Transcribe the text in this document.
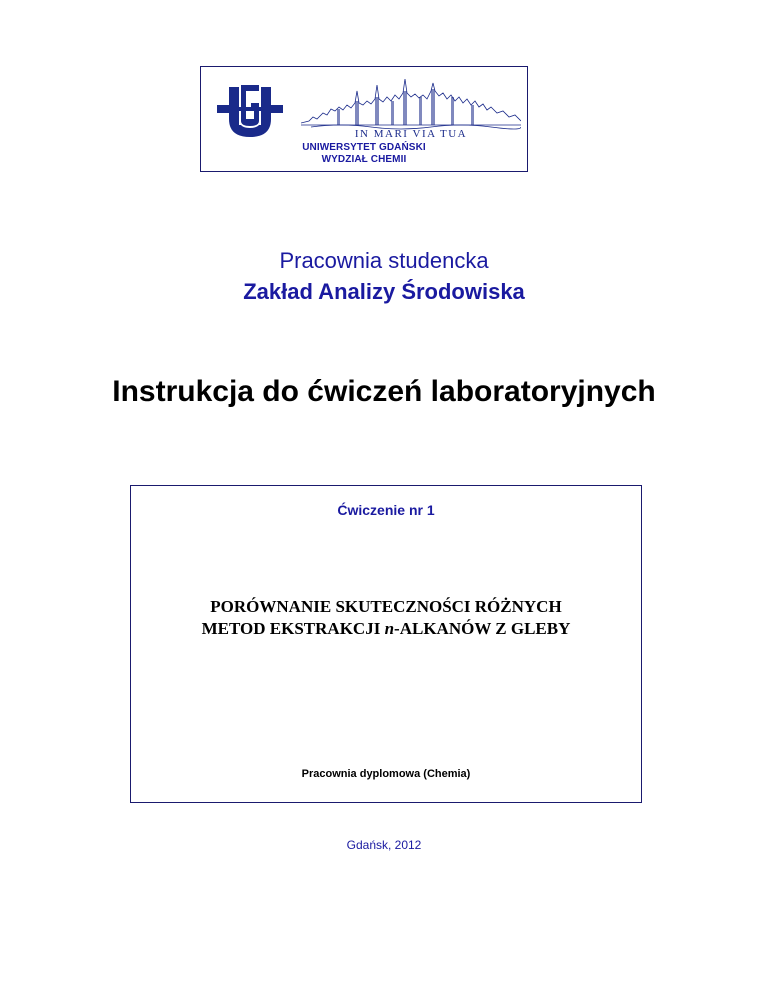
IN MARI VIA TUA
UNIWERSYTET GDAŃSKI
WYDZIAŁ CHEMII
Pracownia studencka
Zakład Analizy Środowiska
Instrukcja do ćwiczeń laboratoryjnych
Ćwiczenie nr 1
PORÓWNANIE SKUTECZNOŚCI RÓŻNYCH
METOD EKSTRAKCJI n-ALKANÓW Z GLEBY
Pracownia dyplomowa (Chemia)
Gdańsk, 2012
